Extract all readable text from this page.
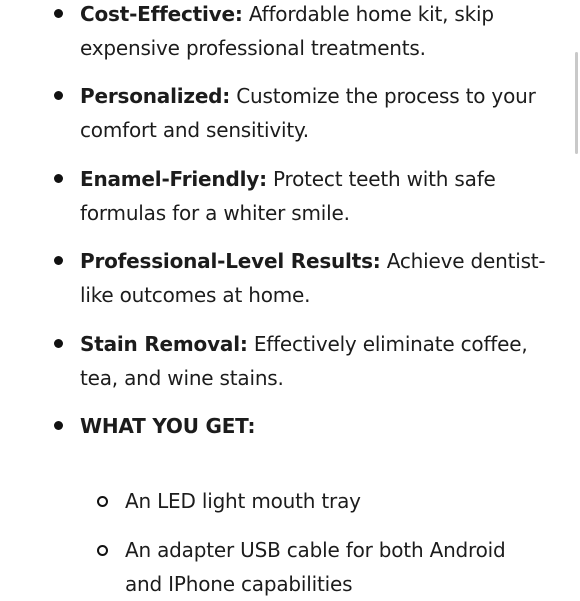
Cost-Effective: Affordable home kit, skip expensive professional treatments.
Personalized: Customize the process to your comfort and sensitivity.
Enamel-Friendly: Protect teeth with safe formulas for a whiter smile.
Professional-Level Results: Achieve dentist-like outcomes at home.
Stain Removal: Effectively eliminate coffee, tea, and wine stains.
WHAT YOU GET:
An LED light mouth tray
An adapter USB cable for both Android and IPhone capabilities
